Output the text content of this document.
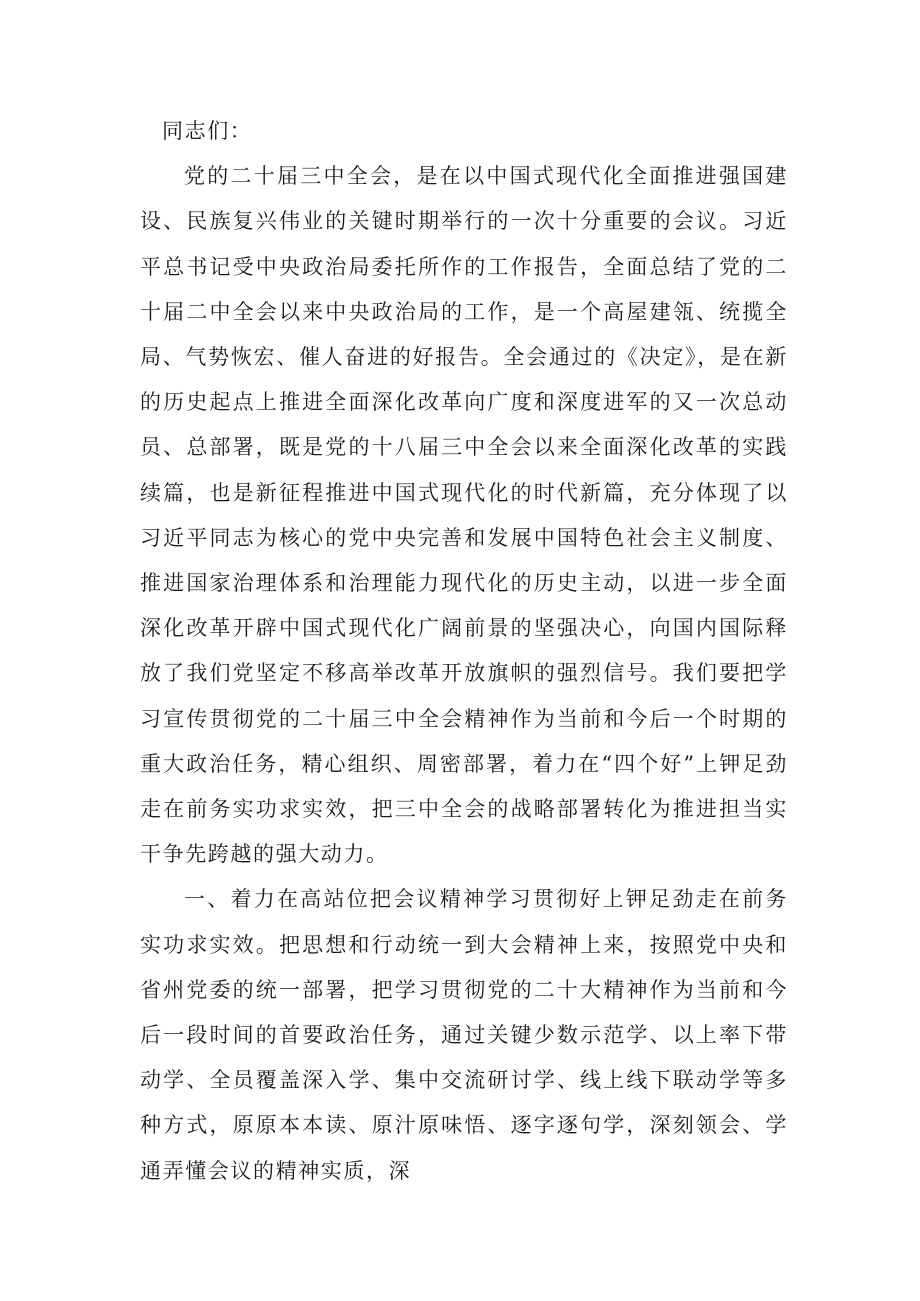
同志们：

党的二十届三中全会，是在以中国式现代化全面推进强国建设、民族复兴伟业的关键时期举行的一次十分重要的会议。习近平总书记受中央政治局委托所作的工作报告，全面总结了党的二十届二中全会以来中央政治局的工作，是一个高屋建瓴、统揽全局、气势恢宏、催人奋进的好报告。全会通过的《决定》，是在新的历史起点上推进全面深化改革向广度和深度进军的又一次总动员、总部署，既是党的十八届三中全会以来全面深化改革的实践续篇，也是新征程推进中国式现代化的时代新篇，充分体现了以习近平同志为核心的党中央完善和发展中国特色社会主义制度、推进国家治理体系和治理能力现代化的历史主动，以进一步全面深化改革开辟中国式现代化广阔前景的坚强决心，向国内国际释放了我们党坚定不移高举改革开放旗帜的强烈信号。我们要把学习宣传贯彻党的二十届三中全会精神作为当前和今后一个时期的重大政治任务，精心组织、周密部署，着力在“四个好”上钾足劲走在前务实功求实效，把三中全会的战略部署转化为推进担当实干争先跨越的强大动力。

一、着力在高站位把会议精神学习贯彻好上钾足劲走在前务实功求实效。把思想和行动统一到大会精神上来，按照党中央和省州党委的统一部署，把学习贯彻党的二十大精神作为当前和今后一段时间的首要政治任务，通过关键少数示范学、以上率下带动学、全员覆盖深入学、集中交流研讨学、线上线下联动学等多种方式，原原本本读、原汁原味悟、逐字逐句学，深刻领会、学通弄懂会议的精神实质，深
